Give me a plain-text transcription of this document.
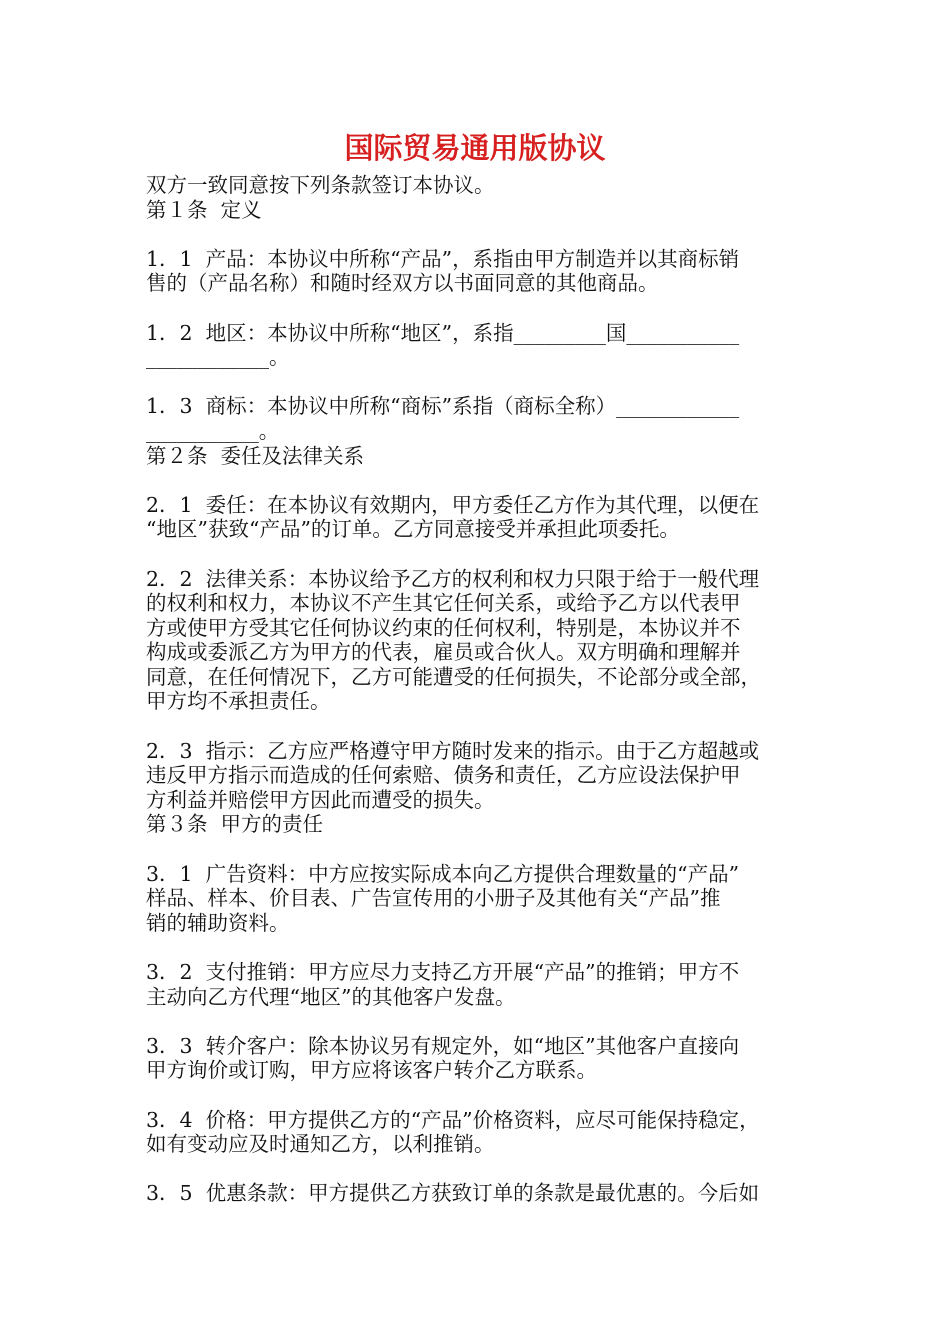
国际贸易通用版协议

双方一致同意按下列条款签订本协议。

第１条  定义

1．1  产品：本协议中所称“产品”，系指由甲方制造并以其商标销

售的（产品名称）和随时经双方以书面同意的其他商品。

1．2  地区：本协议中所称“地区”，系指_________国___________

____________。

1．3  商标：本协议中所称“商标”系指（商标全称）____________

___________。

第２条  委任及法律关系

2．1  委任：在本协议有效期内，甲方委任乙方作为其代理，以便在

“地区”获致“产品”的订单。乙方同意接受并承担此项委托。

2．2  法律关系：本协议给予乙方的权利和权力只限于给于一般代理

的权利和权力，本协议不产生其它任何关系，或给予乙方以代表甲

方或使甲方受其它任何协议约束的任何权利，特别是，本协议并不

构成或委派乙方为甲方的代表，雇员或合伙人。双方明确和理解并

同意，在任何情况下，乙方可能遭受的任何损失，不论部分或全部，

甲方均不承担责任。

2．3  指示：乙方应严格遵守甲方随时发来的指示。由于乙方超越或

违反甲方指示而造成的任何索赔、债务和责任，乙方应设法保护甲

方利益并赔偿甲方因此而遭受的损失。

第３条  甲方的责任

3．1  广告资料：中方应按实际成本向乙方提供合理数量的“产品”

样品、样本、价目表、广告宣传用的小册子及其他有关“产品”推

销的辅助资料。

3．2  支付推销：甲方应尽力支持乙方开展“产品”的推销；甲方不

主动向乙方代理“地区”的其他客户发盘。

3．3  转介客户：除本协议另有规定外，如“地区”其他客户直接向

甲方询价或订购，甲方应将该客户转介乙方联系。

3．4  价格：甲方提供乙方的“产品”价格资料，应尽可能保持稳定，

如有变动应及时通知乙方，以利推销。

3．5  优惠条款：甲方提供乙方获致订单的条款是最优惠的。今后如
